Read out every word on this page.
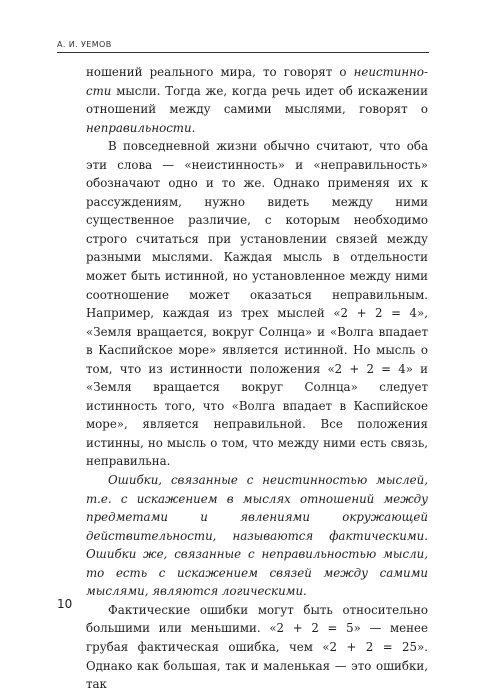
А. И. УЕМОВ

ношений реального мира, то говорят о неистинности мысли. Тогда же, когда речь идет об искажении отношений между самими мыслями, говорят о неправильности.

В повседневной жизни обычно считают, что оба эти слова — «неистинность» и «неправильность» обозначают одно и то же. Однако применяя их к рассуждениям, нужно видеть между ними существенное различие, с которым необходимо строго считаться при установлении связей между разными мыслями. Каждая мысль в отдельности может быть истинной, но установленное между ними соотношение может оказаться неправильным. Например, каждая из трех мыслей «2 + 2 = 4», «Земля вращается, вокруг Солнца» и «Волга впадает в Каспийское море» является истинной. Но мысль о том, что из истинности положения «2 + 2 = 4» и «Земля вращается вокруг Солнца» следует истинность того, что «Волга впадает в Каспийское море», является неправильной. Все положения истинны, но мысль о том, что между ними есть связь, неправильна.

Ошибки, связанные с неистинностью мыслей, т.е. с искажением в мыслях отношений между предметами и явлениями окружающей действительности, называются фактическими. Ошибки же, связанные с неправильностью мысли, то есть с искажением связей между самими мыслями, являются логическими.

Фактические ошибки могут быть относительно большими или меньшими. «2 + 2 = 5» — менее грубая фактическая ошибка, чем «2 + 2 = 25». Однако как большая, так и маленькая — это ошибки, так

10
